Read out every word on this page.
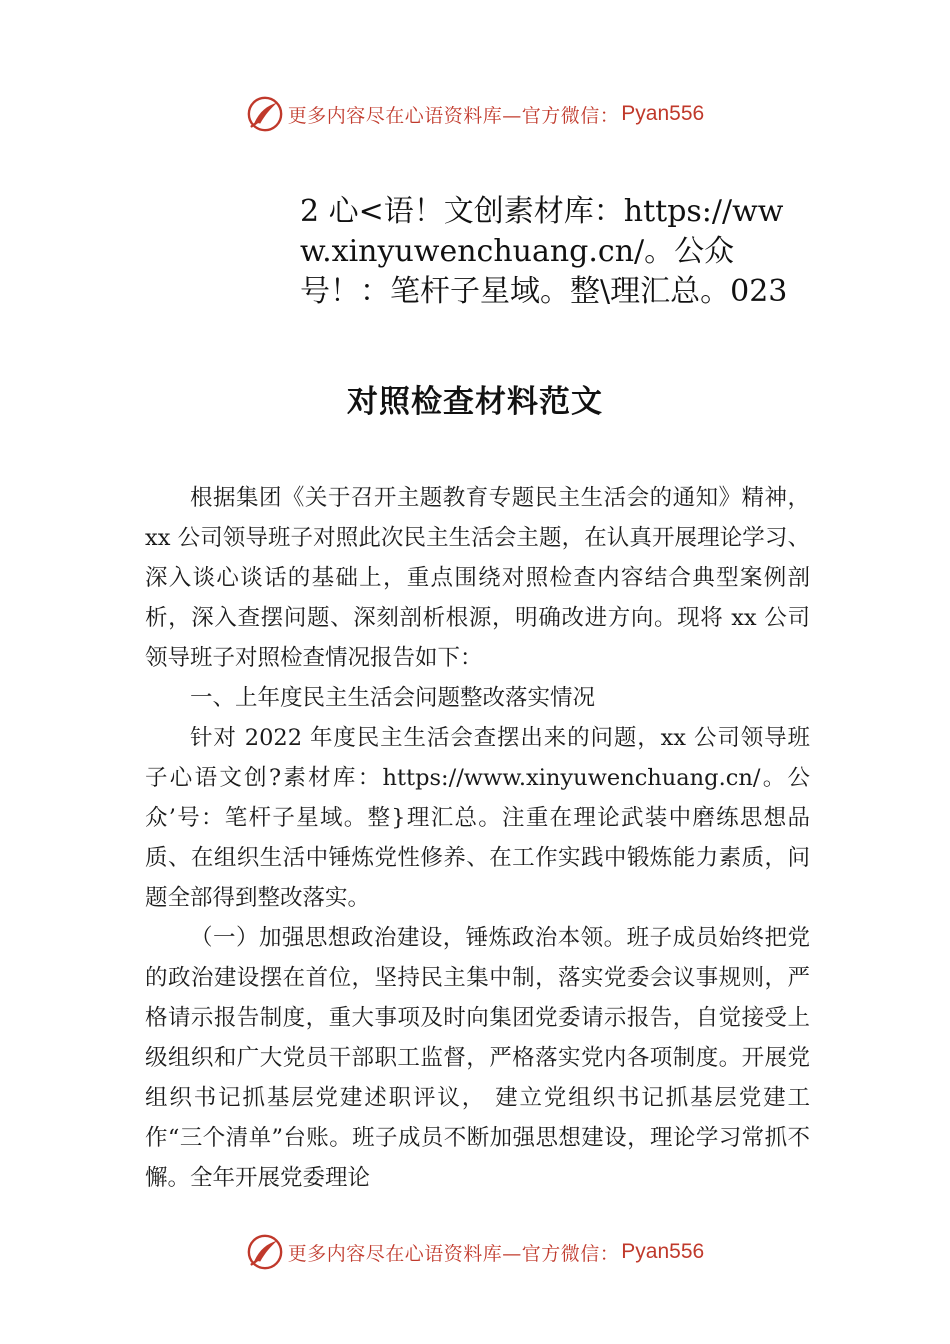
更多内容尽在心语资料库—官方微信： Pyan556
2 心<语！文创素材库：https://www.xinyuwenchuang.cn/。公众号！：笔杆子星域。整\理汇总。023
对照检查材料范文

根据集团《关于召开主题教育专题民主生活会的通知》精神，xx 公司领导班子对照此次民主生活会主题，在认真开展理论学习、深入谈心谈话的基础上，重点围绕对照检查内容结合典型案例剖析，深入查摆问题、深刻剖析根源，明确改进方向。现将 xx 公司领导班子对照检查情况报告如下：

一、上年度民主生活会问题整改落实情况

针对 2022 年度民主生活会查摆出来的问题，xx 公司领导班子心语文创?素材库：https://www.xinyuwenchuang.cn/。公众’号：笔杆子星域。整}理汇总。注重在理论武装中磨练思想品质、在组织生活中锤炼党性修养、在工作实践中锻炼能力素质，问题全部得到整改落实。

（一）加强思想政治建设，锤炼政治本领。班子成员始终把党的政治建设摆在首位，坚持民主集中制，落实党委会议事规则，严格请示报告制度，重大事项及时向集团党委请示报告，自觉接受上级组织和广大党员干部职工监督，严格落实党内各项制度。开展党组织书记抓基层党建述职评议， 建立党组织书记抓基层党建工作“三个清单”台账。班子成员不断加强思想建设，理论学习常抓不懈。全年开展党委理论

更多内容尽在心语资料库—官方微信： Pyan556
